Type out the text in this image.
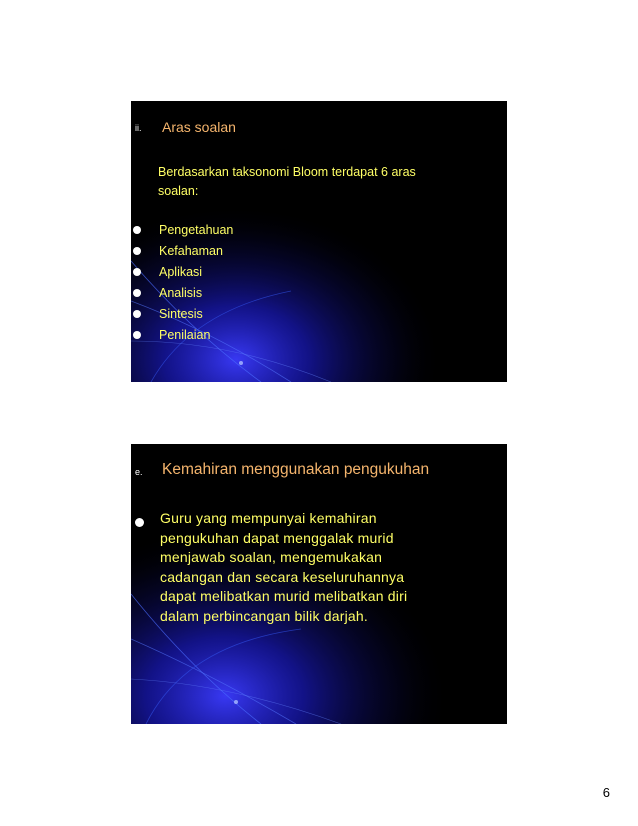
ii. Aras soalan
Berdasarkan taksonomi Bloom terdapat 6 aras
soalan:
Pengetahuan
Kefahaman
Aplikasi
Analisis
Sintesis
Penilaian
e. Kemahiran menggunakan pengukuhan
Guru yang mempunyai kemahiran
pengukuhan dapat menggalak murid
menjawab soalan, mengemukakan
cadangan dan secara keseluruhannya
dapat melibatkan murid melibatkan diri
dalam perbincangan bilik darjah.
6
